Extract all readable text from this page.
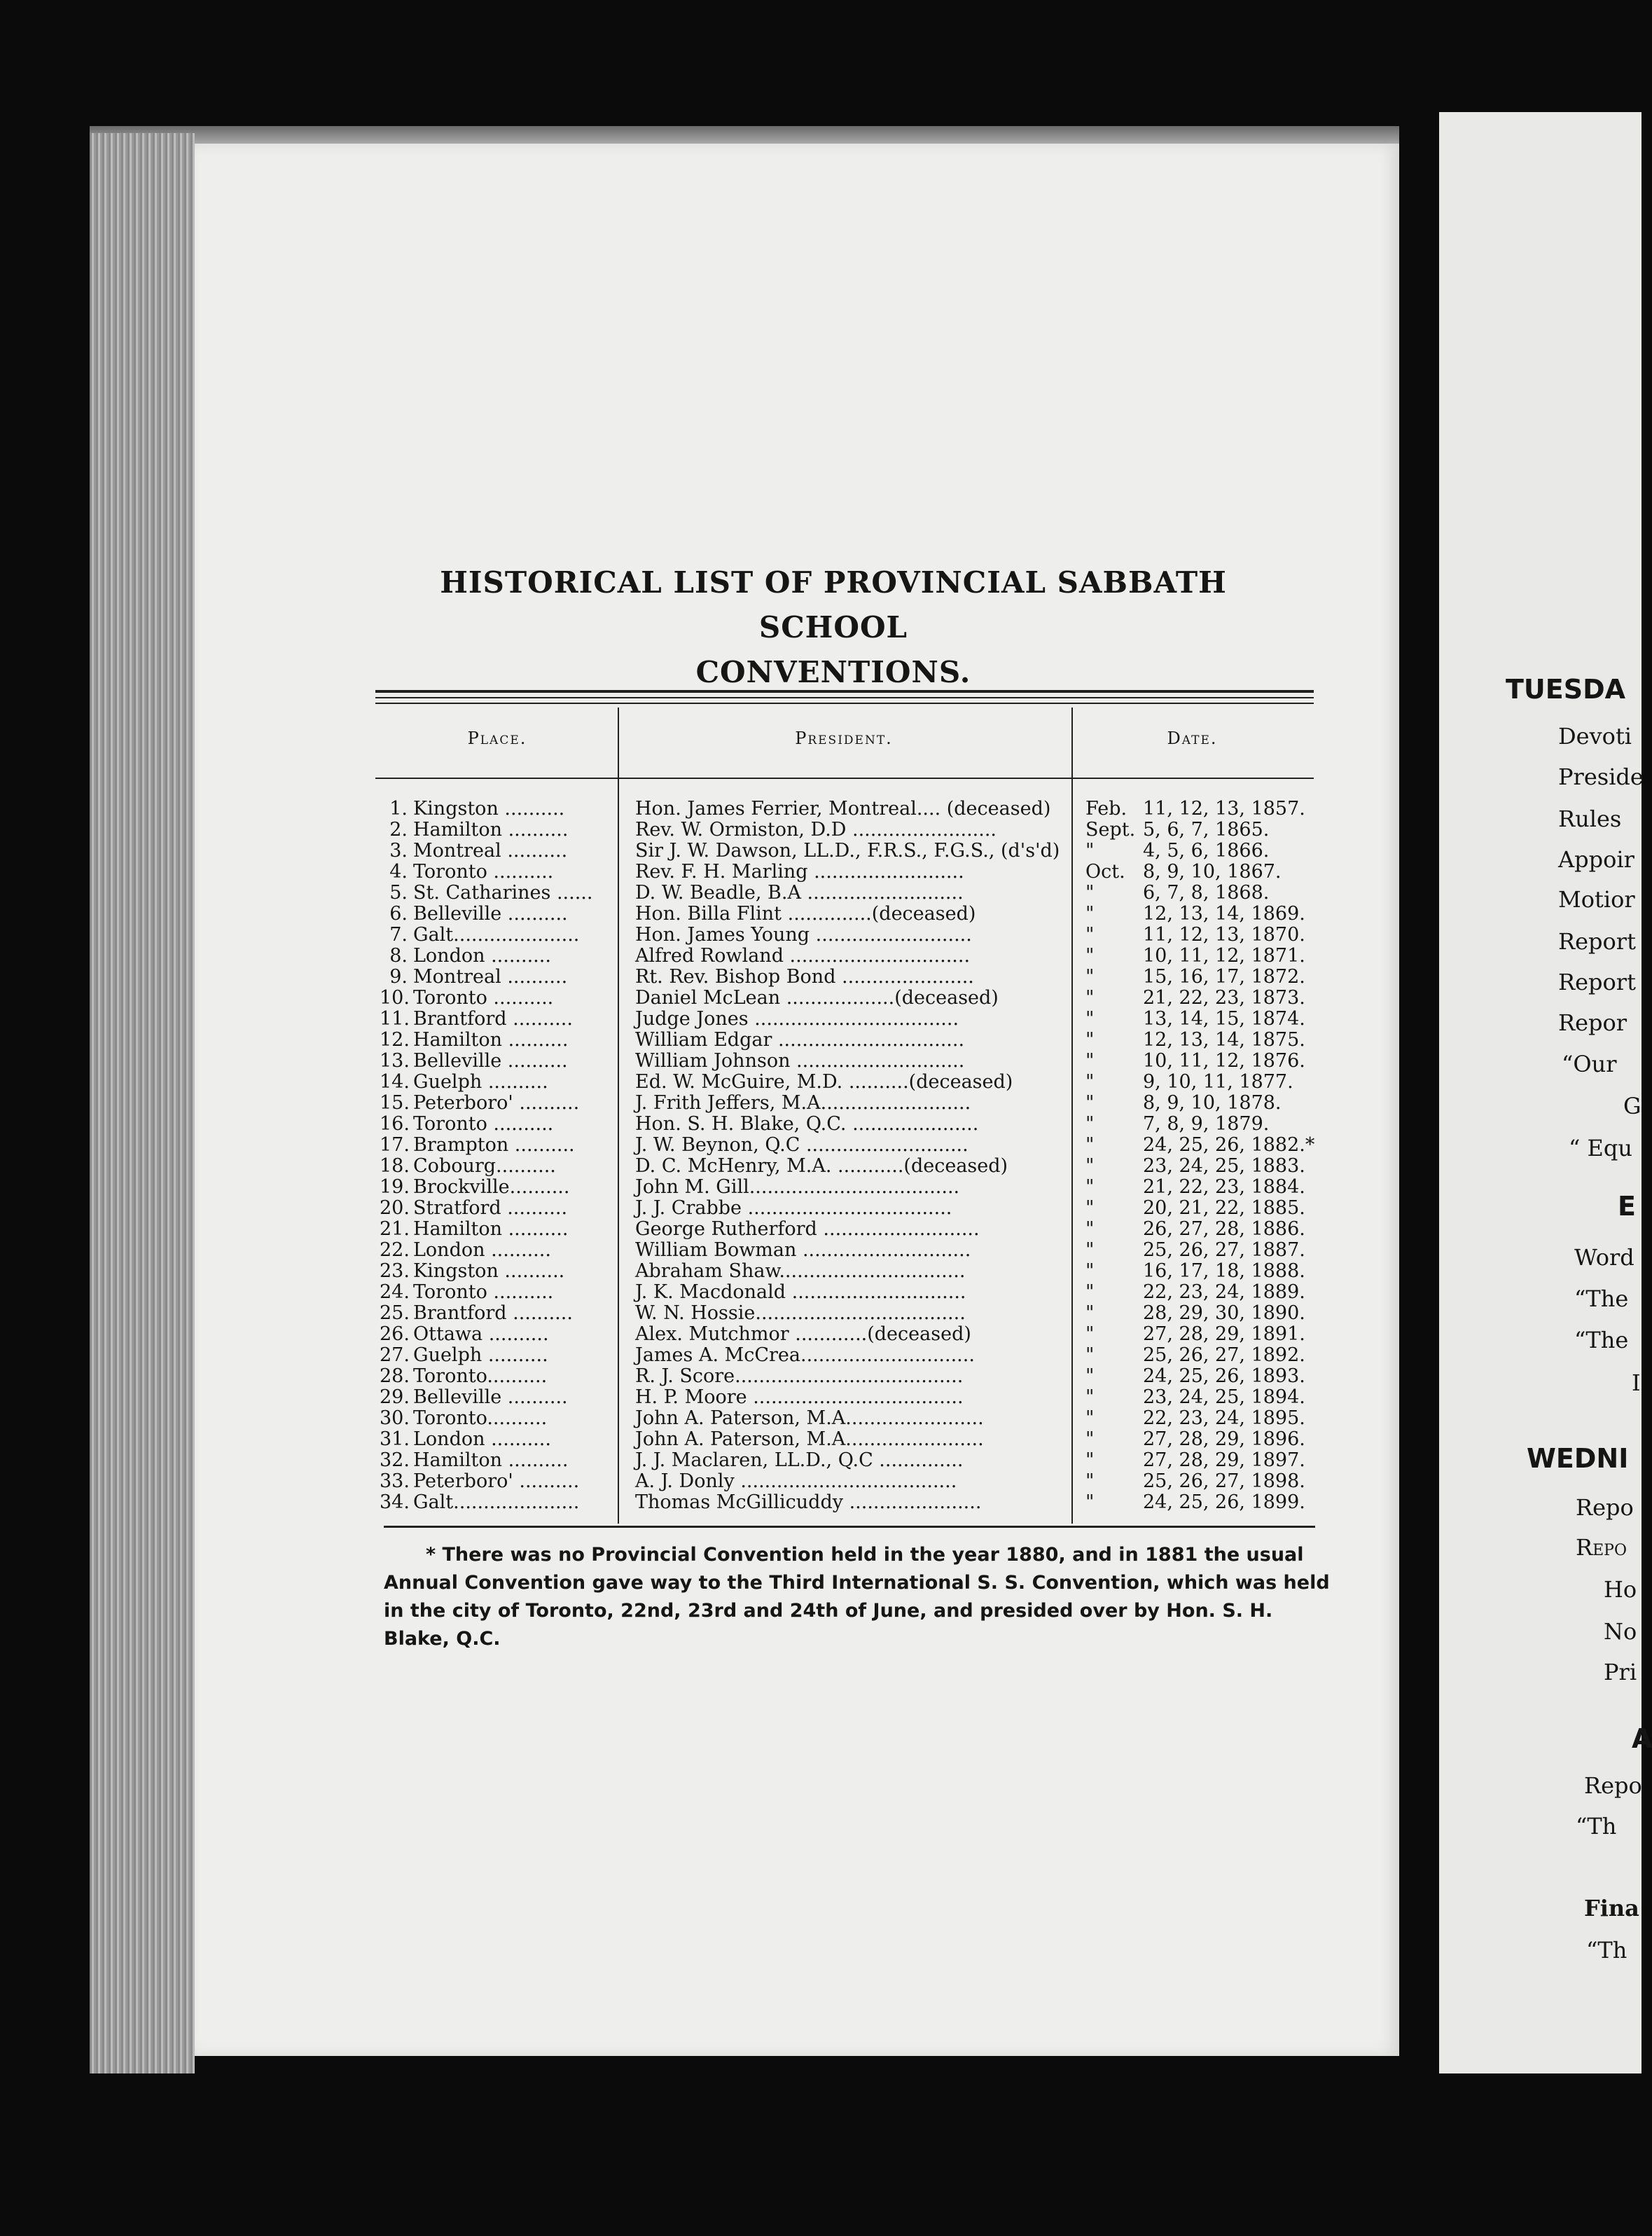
HISTORICAL LIST OF PROVINCIAL SABBATH SCHOOL
CONVENTIONS.

Place.	President.	Date.

1. Kingston ..........	Hon. James Ferrier, Montreal.... (deceased)	Feb. 11, 12, 13, 1857.
2. Hamilton ..........	Rev. W. Ormiston, D.D ........................	Sept. 5, 6, 7, 1865.
3. Montreal ..........	Sir J. W. Dawson, LL.D., F.R.S., F.G.S., (d's'd)	"	4, 5, 6, 1866.
4. Toronto ..........	Rev. F. H. Marling .........................	Oct. 8, 9, 10, 1867.
5. St. Catharines ......	D. W. Beadle, B.A ..........................	"	6, 7, 8, 1868.
6. Belleville ..........	Hon. Billa Flint ..............(deceased)	"	12, 13, 14, 1869.
7. Galt.....................	Hon. James Young ..........................	"	11, 12, 13, 1870.
8. London ..........	Alfred Rowland ..............................	"	10, 11, 12, 1871.
9. Montreal ..........	Rt. Rev. Bishop Bond ......................	"	15, 16, 17, 1872.
10. Toronto ..........	Daniel McLean ..................(deceased)	"	21, 22, 23, 1873.
11. Brantford ..........	Judge Jones ..................................	"	13, 14, 15, 1874.
12. Hamilton ..........	William Edgar ...............................	"	12, 13, 14, 1875.
13. Belleville ..........	William Johnson ............................	"	10, 11, 12, 1876.
14. Guelph ..........	Ed. W. McGuire, M.D. ..........(deceased)	"	9, 10, 11, 1877.
15. Peterboro' ..........	J. Frith Jeffers, M.A.........................	"	8, 9, 10, 1878.
16. Toronto ..........	Hon. S. H. Blake, Q.C. .....................	"	7, 8, 9, 1879.
17. Brampton ..........	J. W. Beynon, Q.C ...........................	"	24, 25, 26, 1882.*
18. Cobourg..........	D. C. McHenry, M.A. ...........(deceased)	"	23, 24, 25, 1883.
19. Brockville..........	John M. Gill...................................	"	21, 22, 23, 1884.
20. Stratford ..........	J. J. Crabbe ..................................	"	20, 21, 22, 1885.
21. Hamilton ..........	George Rutherford ..........................	"	26, 27, 28, 1886.
22. London ..........	William Bowman ............................	"	25, 26, 27, 1887.
23. Kingston ..........	Abraham Shaw...............................	"	16, 17, 18, 1888.
24. Toronto ..........	J. K. Macdonald .............................	"	22, 23, 24, 1889.
25. Brantford ..........	W. N. Hossie...................................	"	28, 29, 30, 1890.
26. Ottawa ..........	Alex. Mutchmor ............(deceased)	"	27, 28, 29, 1891.
27. Guelph ..........	James A. McCrea.............................	"	25, 26, 27, 1892.
28. Toronto..........	R. J. Score......................................	"	24, 25, 26, 1893.
29. Belleville ..........	H. P. Moore ...................................	"	23, 24, 25, 1894.
30. Toronto..........	John A. Paterson, M.A.......................	"	22, 23, 24, 1895.
31. London ..........	John A. Paterson, M.A.......................	"	27, 28, 29, 1896.
32. Hamilton ..........	J. J. Maclaren, LL.D., Q.C ..............	"	27, 28, 29, 1897.
33. Peterboro' ..........	A. J. Donly ....................................	"	25, 26, 27, 1898.
34. Galt.....................	Thomas McGillicuddy ......................	"	24, 25, 26, 1899.

* There was no Provincial Convention held in the year 1880, and in 1881 the usual Annual Convention gave way to the Third International S. S. Convention, which was held in the city of Toronto, 22nd, 23rd and 24th of June, and presided over by Hon. S. H. Blake, Q.C.

TUESDA
Devoti
Preside
Rules
Appoir
Motior
Report
Report
Repor
“Our
G
“ Equ
E
Word
“The
“The
I
WEDNI
Repo
Repo
Ho
No
Pri
A
Repo
“Th
Fina
“Th
